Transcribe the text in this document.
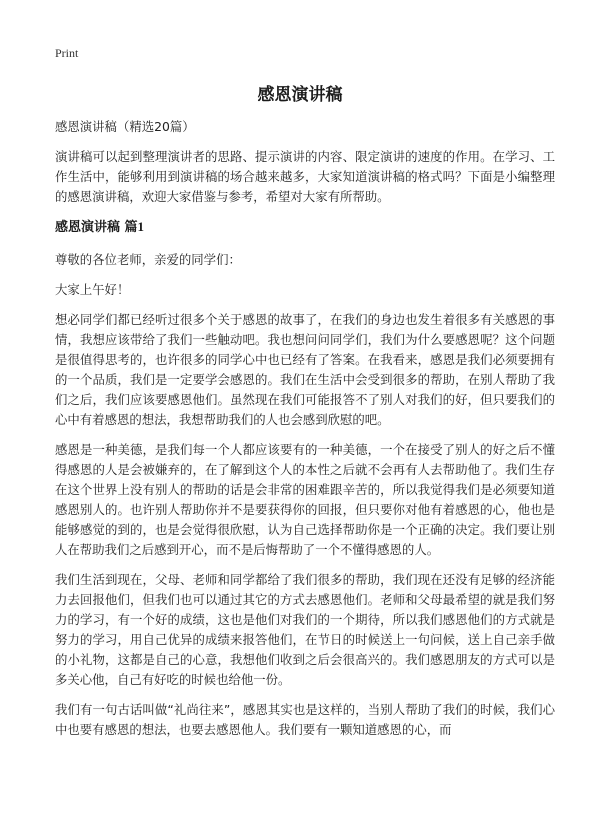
Print
感恩演讲稿

感恩演讲稿（精选20篇）

演讲稿可以起到整理演讲者的思路、提示演讲的内容、限定演讲的速度的作用。在学习、工作生活中，能够利用到演讲稿的场合越来越多，大家知道演讲稿的格式吗？下面是小编整理的感恩演讲稿，欢迎大家借鉴与参考，希望对大家有所帮助。

感恩演讲稿 篇1

尊敬的各位老师，亲爱的同学们：

大家上午好！

想必同学们都已经听过很多个关于感恩的故事了，在我们的身边也发生着很多有关感恩的事情，我想应该带给了我们一些触动吧。我也想问问同学们，我们为什么要感恩呢？这个问题是很值得思考的，也许很多的同学心中也已经有了答案。在我看来，感恩是我们必须要拥有的一个品质，我们是一定要学会感恩的。我们在生活中会受到很多的帮助，在别人帮助了我们之后，我们应该要感恩他们。虽然现在我们可能报答不了别人对我们的好，但只要我们的心中有着感恩的想法，我想帮助我们的人也会感到欣慰的吧。

感恩是一种美德，是我们每一个人都应该要有的一种美德，一个在接受了别人的好之后不懂得感恩的人是会被嫌弃的，在了解到这个人的本性之后就不会再有人去帮助他了。我们生存在这个世界上没有别人的帮助的话是会非常的困难跟辛苦的，所以我觉得我们是必须要知道感恩别人的。也许别人帮助你并不是要获得你的回报，但只要你对他有着感恩的心，他也是能够感觉的到的，也是会觉得很欣慰，认为自己选择帮助你是一个正确的决定。我们要让别人在帮助我们之后感到开心，而不是后悔帮助了一个不懂得感恩的人。

我们生活到现在，父母、老师和同学都给了我们很多的帮助，我们现在还没有足够的经济能力去回报他们，但我们也可以通过其它的方式去感恩他们。老师和父母最希望的就是我们努力的学习，有一个好的成绩，这也是他们对我们的一个期待，所以我们感恩他们的方式就是努力的学习，用自己优异的成绩来报答他们，在节日的时候送上一句问候，送上自己亲手做的小礼物，这都是自己的心意，我想他们收到之后会很高兴的。我们感恩朋友的方式可以是多关心他，自己有好吃的时候也给他一份。

我们有一句古话叫做“礼尚往来”，感恩其实也是这样的，当别人帮助了我们的时候，我们心中也要有感恩的想法，也要去感恩他人。我们要有一颗知道感恩的心，而
